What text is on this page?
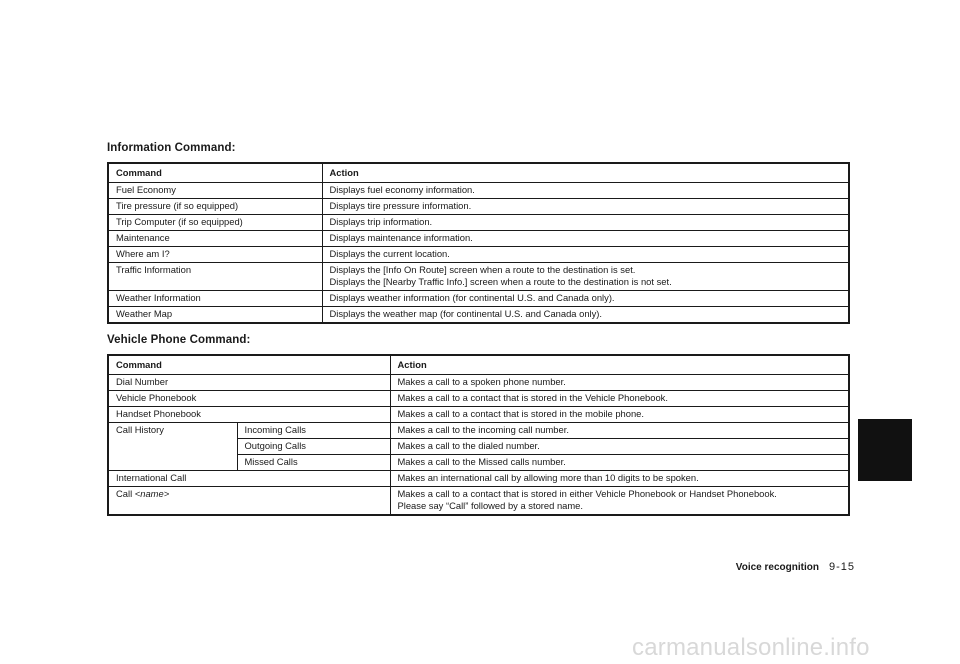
Information Command:
Command	Action
Fuel Economy	Displays fuel economy information.
Tire pressure (if so equipped)	Displays tire pressure information.
Trip Computer (if so equipped)	Displays trip information.
Maintenance	Displays maintenance information.
Where am I?	Displays the current location.
Traffic Information	Displays the [Info On Route] screen when a route to the destination is set.
Displays the [Nearby Traffic Info.] screen when a route to the destination is not set.

Weather Information	Displays weather information (for continental U.S. and Canada only).
Weather Map	Displays the weather map (for continental U.S. and Canada only).
Vehicle Phone Command:
Command		Action
Dial Number		Makes a call to a spoken phone number.
Vehicle Phonebook		Makes a call to a contact that is stored in the Vehicle Phonebook.
Handset Phonebook		Makes a call to a contact that is stored in the mobile phone.
Call History	Incoming Calls	Makes a call to the incoming call number.
	Outgoing Calls	Makes a call to the dialed number.
	Missed Calls	Makes a call to the Missed calls number.
International Call		Makes an international call by allowing more than 10 digits to be spoken.
Call <name>		Makes a call to a contact that is stored in either Vehicle Phonebook or Handset Phonebook.
Please say “Call” followed by a stored name.
Voice recognition 9-15
carmanualsonline.info
